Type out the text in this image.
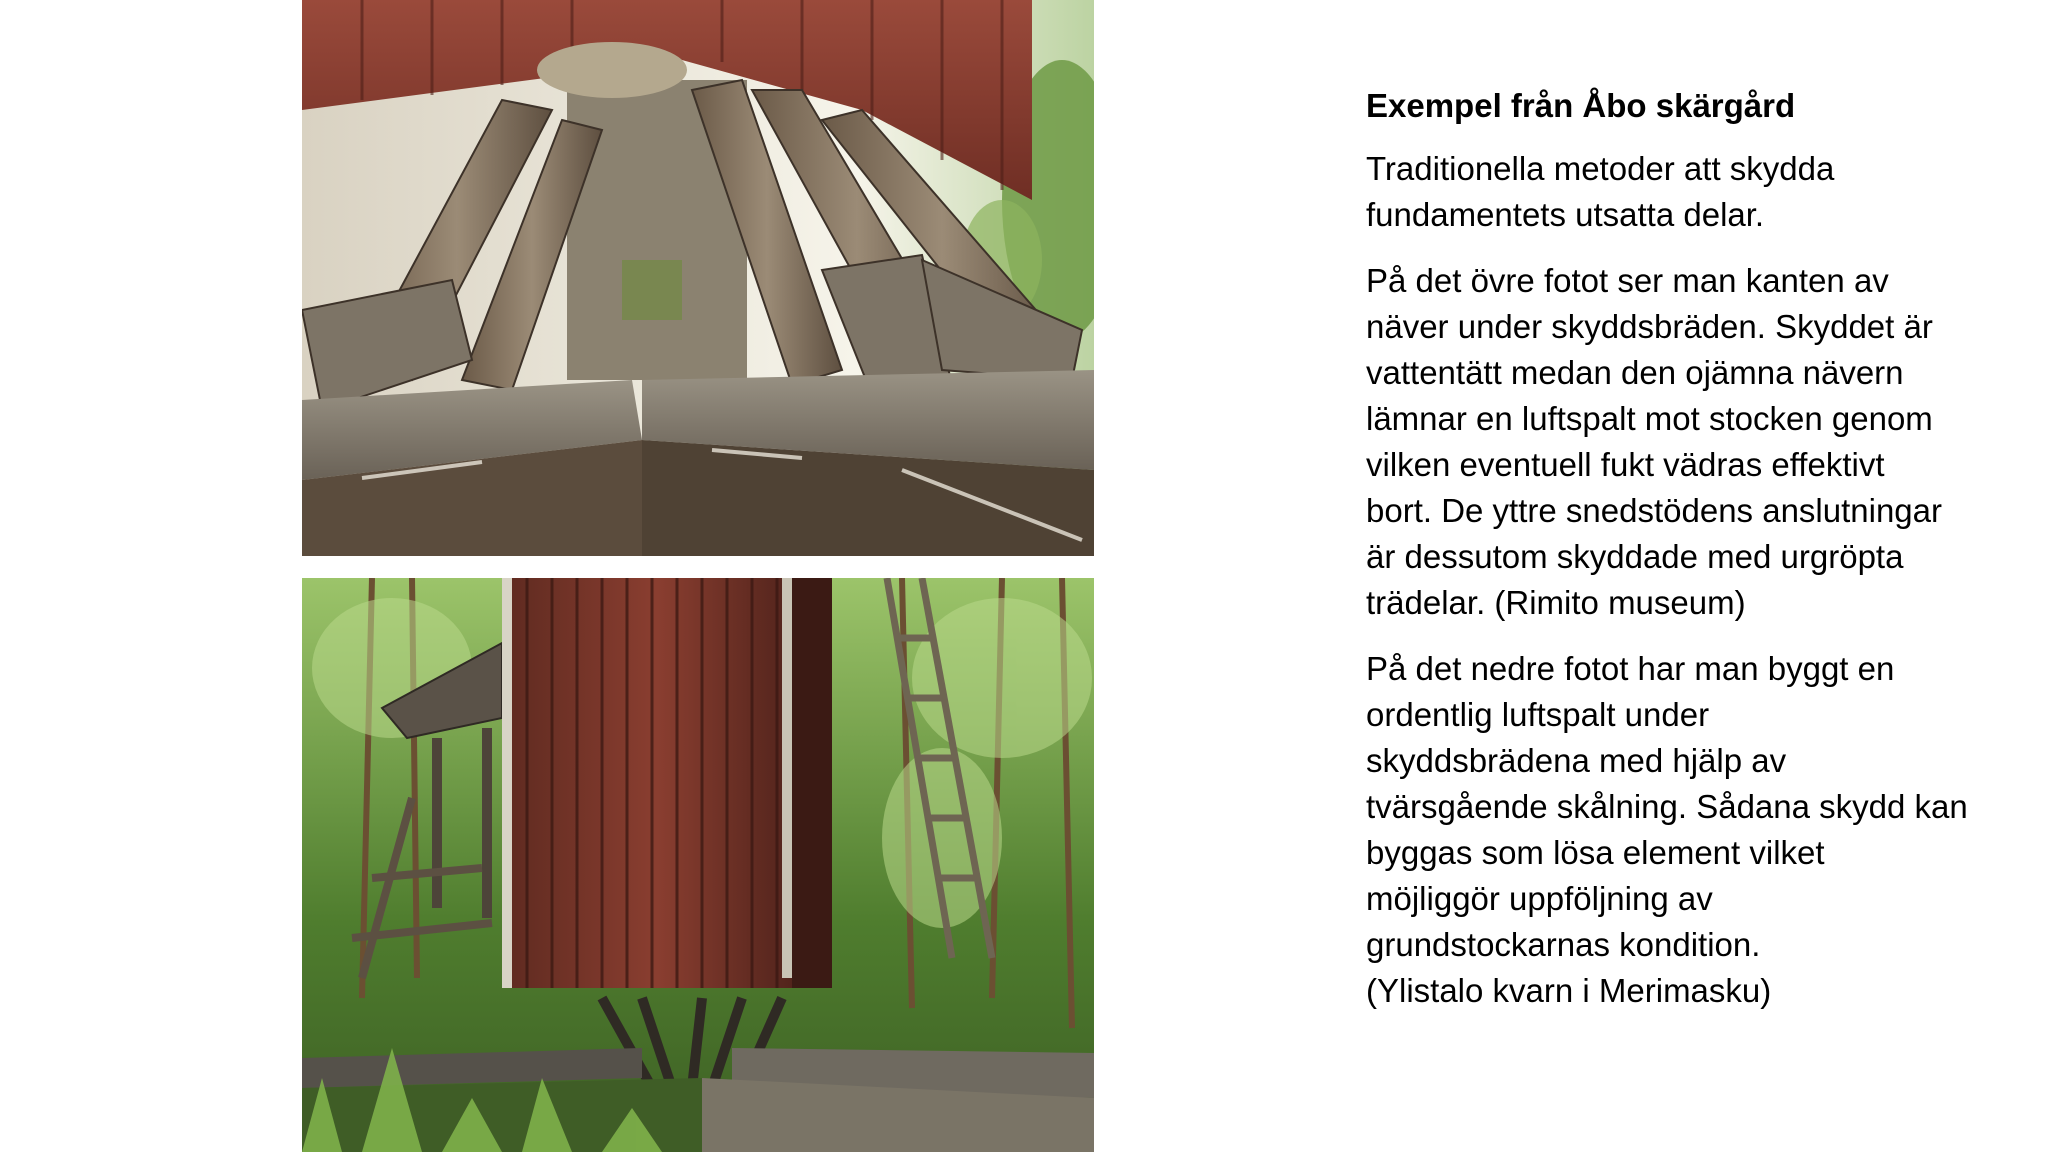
Exempel från Åbo skärgård

Traditionella metoder att skydda
fundamentets utsatta delar.

På det övre fotot ser man kanten av
näver under skyddsbräden. Skyddet är
vattentätt medan den ojämna nävern
lämnar en luftspalt mot stocken genom
vilken eventuell fukt vädras effektivt
bort. De yttre snedstödens anslutningar
är dessutom skyddade med urgröpta
trädelar. (Rimito museum)

På det nedre fotot har man byggt en
ordentlig luftspalt under
skyddsbrädena med hjälp av
tvärsgående skålning. Sådana skydd kan
byggas som lösa element vilket
möjliggör uppföljning av
grundstockarnas kondition.
(Ylistalo kvarn i Merimasku)
